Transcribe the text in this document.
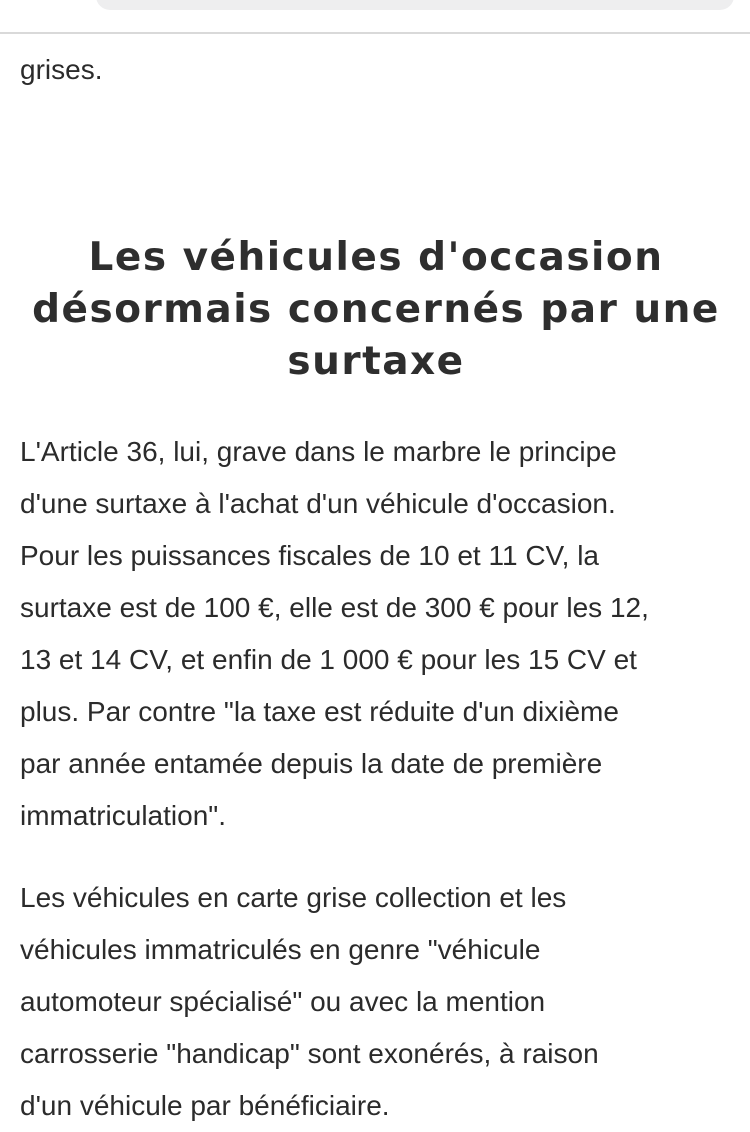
grises.

Les véhicules d'occasion
désormais concernés par une
surtaxe

L'Article 36, lui, grave dans le marbre le principe
d'une surtaxe à l'achat d'un véhicule d'occasion.
Pour les puissances fiscales de 10 et 11 CV, la
surtaxe est de 100 €, elle est de 300 € pour les 12,
13 et 14 CV, et enfin de 1 000 € pour les 15 CV et
plus. Par contre "la taxe est réduite d'un dixième
par année entamée depuis la date de première
immatriculation".

Les véhicules en carte grise collection et les
véhicules immatriculés en genre "véhicule
automoteur spécialisé" ou avec la mention
carrosserie "handicap" sont exonérés, à raison
d'un véhicule par bénéficiaire.
